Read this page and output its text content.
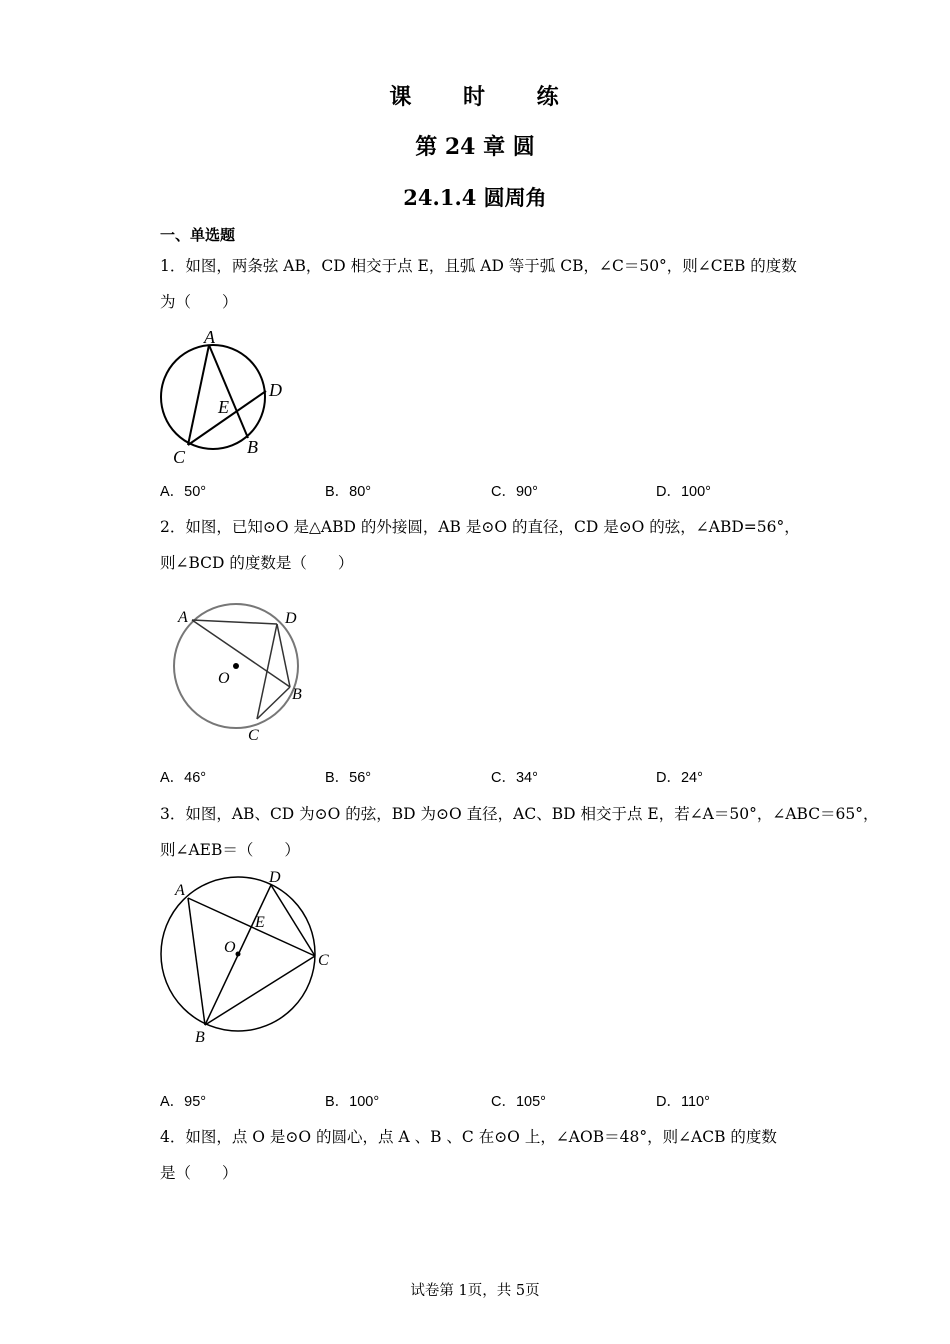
课 时 练
第 24 章 圆
24.1.4 圆周角
一、单选题
1．如图，两条弦 AB，CD 相交于点 E，且弧 AD 等于弧 CB，∠C＝50°，则∠CEB 的度数
为（　　）
A
D
E
C	B
A．50°	B．80°	C．90°	D．100°
2．如图，已知⊙O 是△ABD 的外接圆，AB 是⊙O 的直径，CD 是⊙O 的弦，∠ABD=56°，
则∠BCD 的度数是（　　）
A	D
O
B
C
A．46°	B．56°	C．34°	D．24°
3．如图，AB、CD 为⊙O 的弦，BD 为⊙O 直径，AC、BD 相交于点 E，若∠A＝50°，∠ABC＝65°，
则∠AEB＝（　　）
A
D
E
O
C
B
A．95°	B．100°	C．105°	D．110°
4．如图，点 O 是⊙O 的圆心，点 A 、B 、C 在⊙O 上，∠AOB＝48°，则∠ACB 的度数
是（　　）
试卷第 1页，共 5页
